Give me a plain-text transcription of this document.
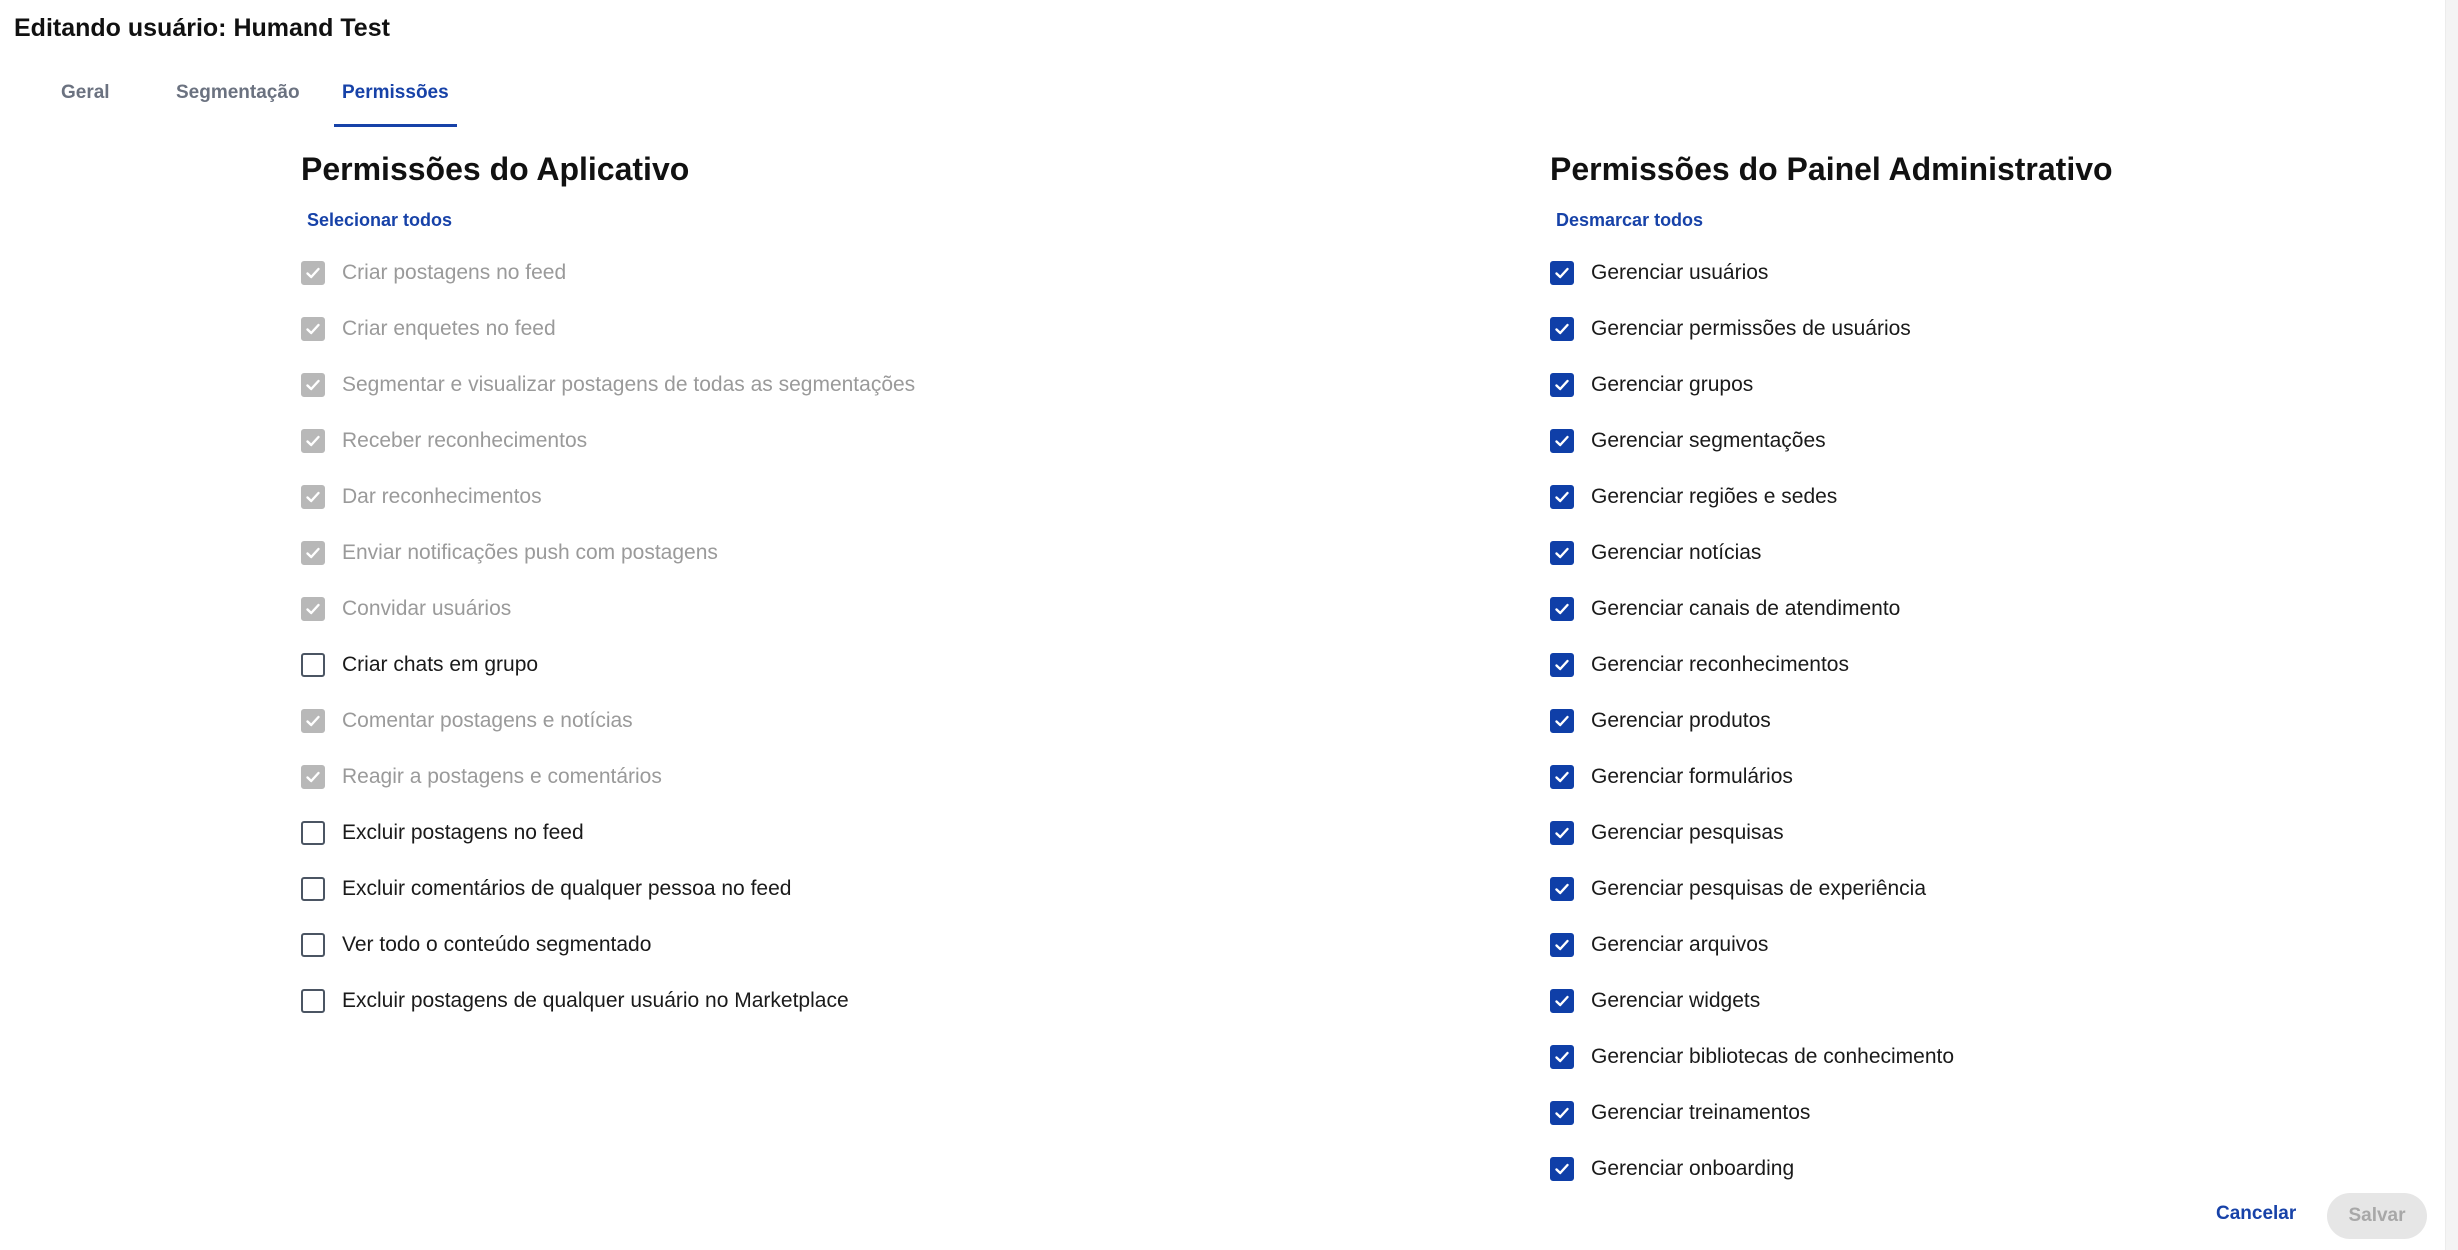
Editando usuário: Humand Test
Geral	Segmentação	Permissões
Permissões do Aplicativo
Selecionar todos
Criar postagens no feed
Criar enquetes no feed
Segmentar e visualizar postagens de todas as segmentações
Receber reconhecimentos
Dar reconhecimentos
Enviar notificações push com postagens
Convidar usuários
Criar chats em grupo
Comentar postagens e notícias
Reagir a postagens e comentários
Excluir postagens no feed
Excluir comentários de qualquer pessoa no feed
Ver todo o conteúdo segmentado
Excluir postagens de qualquer usuário no Marketplace
Permissões do Painel Administrativo
Desmarcar todos
Gerenciar usuários
Gerenciar permissões de usuários
Gerenciar grupos
Gerenciar segmentações
Gerenciar regiões e sedes
Gerenciar notícias
Gerenciar canais de atendimento
Gerenciar reconhecimentos
Gerenciar produtos
Gerenciar formulários
Gerenciar pesquisas
Gerenciar pesquisas de experiência
Gerenciar arquivos
Gerenciar widgets
Gerenciar bibliotecas de conhecimento
Gerenciar treinamentos
Gerenciar onboarding
Cancelar	Salvar
